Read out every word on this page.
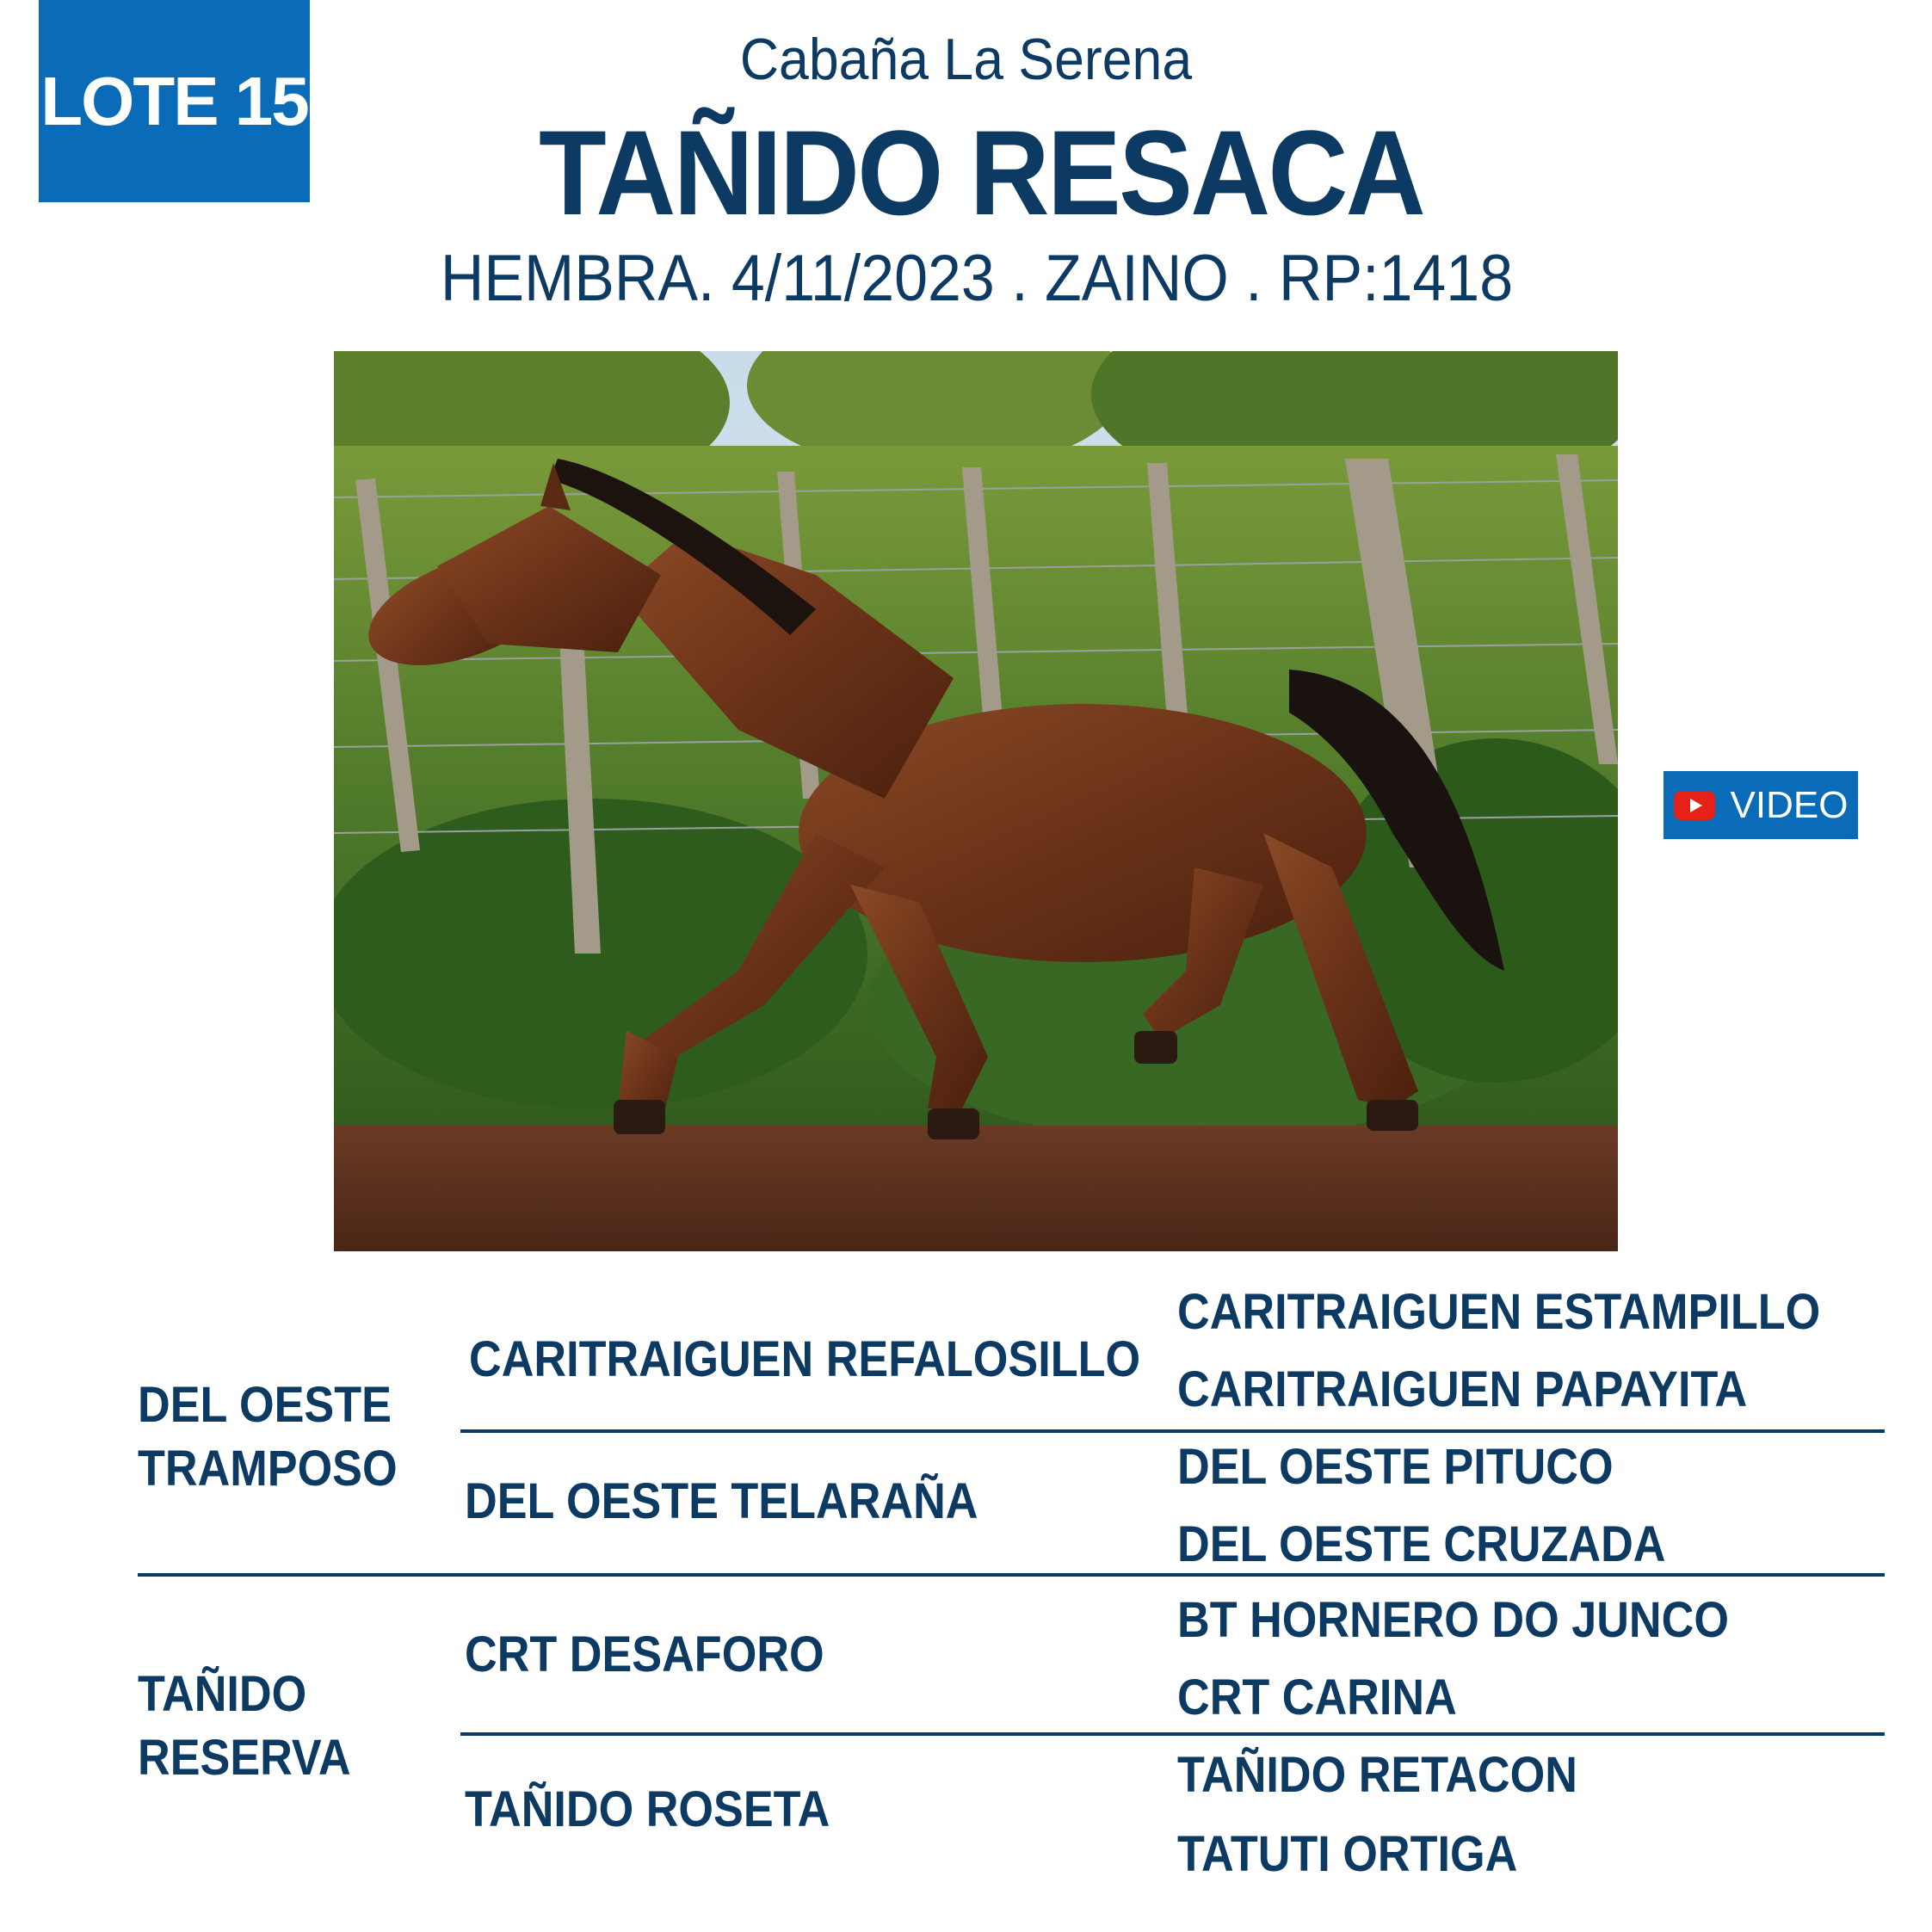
LOTE 15
Cabaña La Serena
TAÑIDO RESACA
HEMBRA. 4/11/2023 . ZAINO . RP:1418
VIDEO
DEL OESTE
TRAMPOSO
CARITRAIGUEN REFALOSILLO
CARITRAIGUEN ESTAMPILLO
CARITRAIGUEN PAPAYITA
DEL OESTE TELARAÑA
DEL OESTE PITUCO
DEL OESTE CRUZADA
TAÑIDO
RESERVA
CRT DESAFORO
BT HORNERO DO JUNCO
CRT CARINA
TAÑIDO ROSETA
TAÑIDO RETACON
TATUTI ORTIGA
